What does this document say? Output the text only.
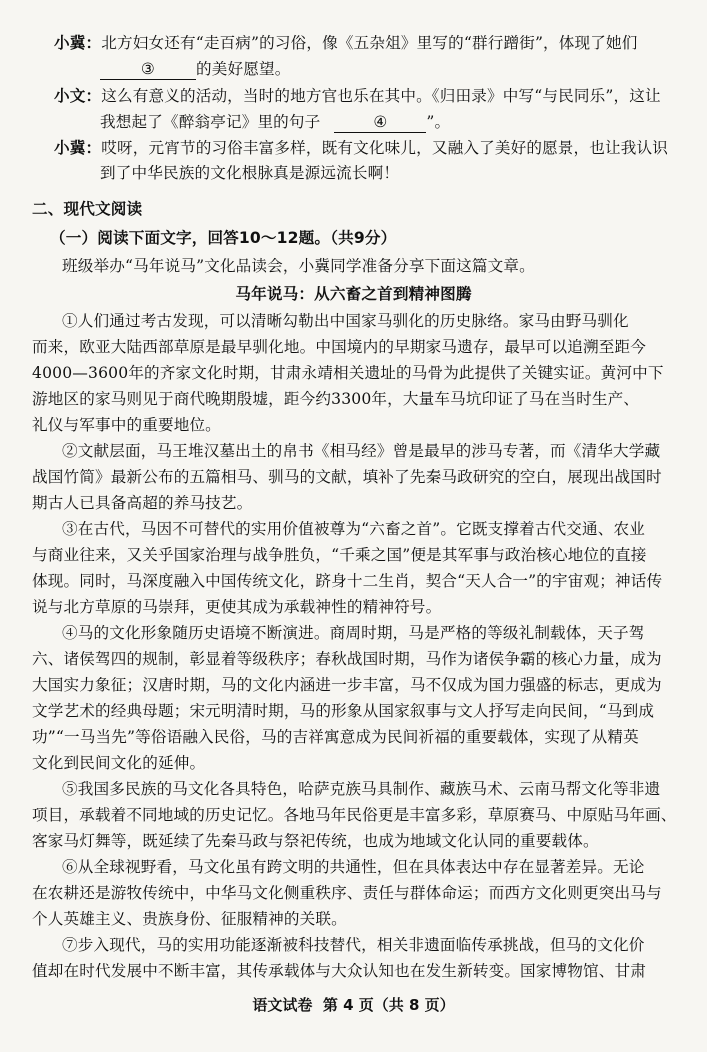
小冀：北方妇女还有“走百病”的习俗，像《五杂俎》里写的“群行蹭街”，体现了她们
③	的美好愿望。
小文：这么有意义的活动，当时的地方官也乐在其中。《归田录》中写“与民同乐”，这让
我想起了《醉翁亭记》里的句子	④ ”。
小冀：哎呀，元宵节的习俗丰富多样，既有文化味儿，又融入了美好的愿景，也让我认识
到了中华民族的文化根脉真是源远流长啊！
二、现代文阅读
（一）阅读下面文字，回答10～12题。（共9分）
班级举办“马年说马”文化品读会，小冀同学准备分享下面这篇文章。
马年说马：从六畜之首到精神图腾
①人们通过考古发现，可以清晰勾勒出中国家马驯化的历史脉络。家马由野马驯化
而来，欧亚大陆西部草原是最早驯化地。中国境内的早期家马遗存，最早可以追溯至距今
4000—3600年的齐家文化时期，甘肃永靖相关遗址的马骨为此提供了关键实证。黄河中下
游地区的家马则见于商代晚期殷墟，距今约3300年，大量车马坑印证了马在当时生产、
礼仪与军事中的重要地位。
②文献层面，马王堆汉墓出土的帛书《相马经》曾是最早的涉马专著，而《清华大学藏
战国竹简》最新公布的五篇相马、驯马的文献，填补了先秦马政研究的空白，展现出战国时
期古人已具备高超的养马技艺。
③在古代，马因不可替代的实用价值被尊为“六畜之首”。它既支撑着古代交通、农业
与商业往来，又关乎国家治理与战争胜负，“千乘之国”便是其军事与政治核心地位的直接
体现。同时，马深度融入中国传统文化，跻身十二生肖，契合“天人合一”的宇宙观；神话传
说与北方草原的马崇拜，更使其成为承载神性的精神符号。
④马的文化形象随历史语境不断演进。商周时期，马是严格的等级礼制载体，天子驾
六、诸侯驾四的规制，彰显着等级秩序；春秋战国时期，马作为诸侯争霸的核心力量，成为
大国实力象征；汉唐时期，马的文化内涵进一步丰富，马不仅成为国力强盛的标志，更成为
文学艺术的经典母题；宋元明清时期，马的形象从国家叙事与文人抒写走向民间，“马到成
功”“一马当先”等俗语融入民俗，马的吉祥寓意成为民间祈福的重要载体，实现了从精英
文化到民间文化的延伸。
⑤我国多民族的马文化各具特色，哈萨克族马具制作、藏族马术、云南马帮文化等非遗
项目，承载着不同地域的历史记忆。各地马年民俗更是丰富多彩，草原赛马、中原贴马年画、
客家马灯舞等，既延续了先秦马政与祭祀传统，也成为地域文化认同的重要载体。
⑥从全球视野看，马文化虽有跨文明的共通性，但在具体表达中存在显著差异。无论
在农耕还是游牧传统中，中华马文化侧重秩序、责任与群体命运；而西方文化则更突出马与
个人英雄主义、贵族身份、征服精神的关联。
⑦步入现代，马的实用功能逐渐被科技替代，相关非遗面临传承挑战，但马的文化价
值却在时代发展中不断丰富，其传承载体与大众认知也在发生新转变。国家博物馆、甘肃
语文试卷 第 4 页（共 8 页）
